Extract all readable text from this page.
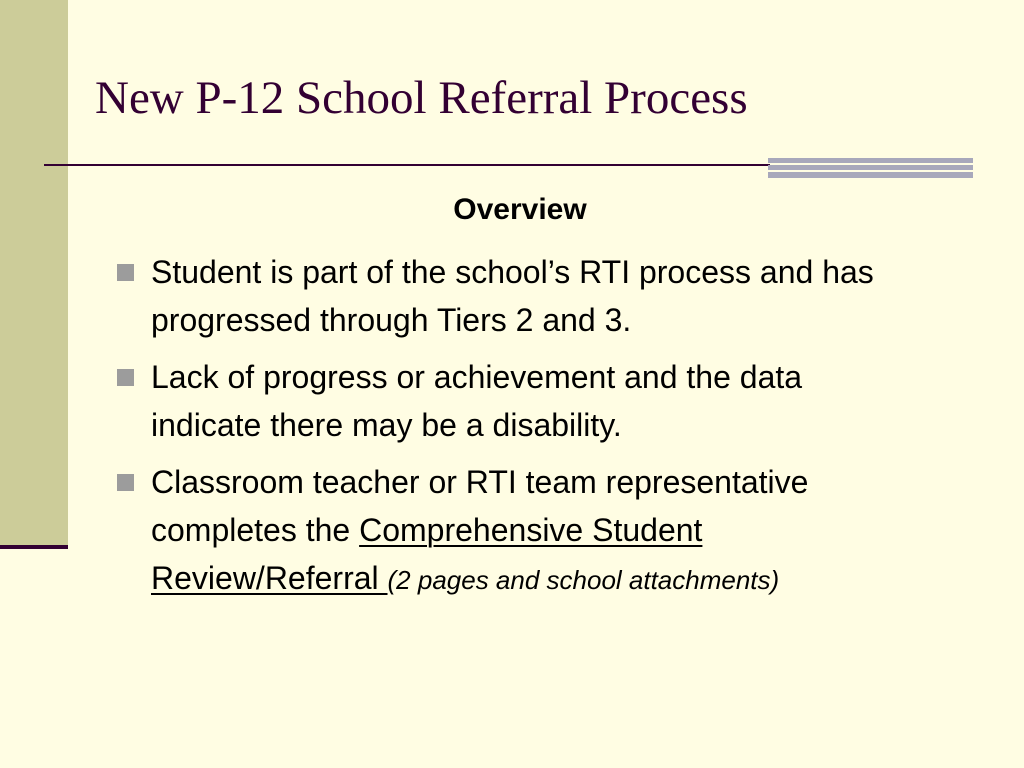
New P-12 School Referral Process
Overview
Student is part of the school’s RTI process and has progressed through Tiers 2 and 3.
Lack of progress or achievement and the data indicate there may be a disability.
Classroom teacher or RTI team representative completes the Comprehensive Student Review/Referral (2 pages and school attachments)
